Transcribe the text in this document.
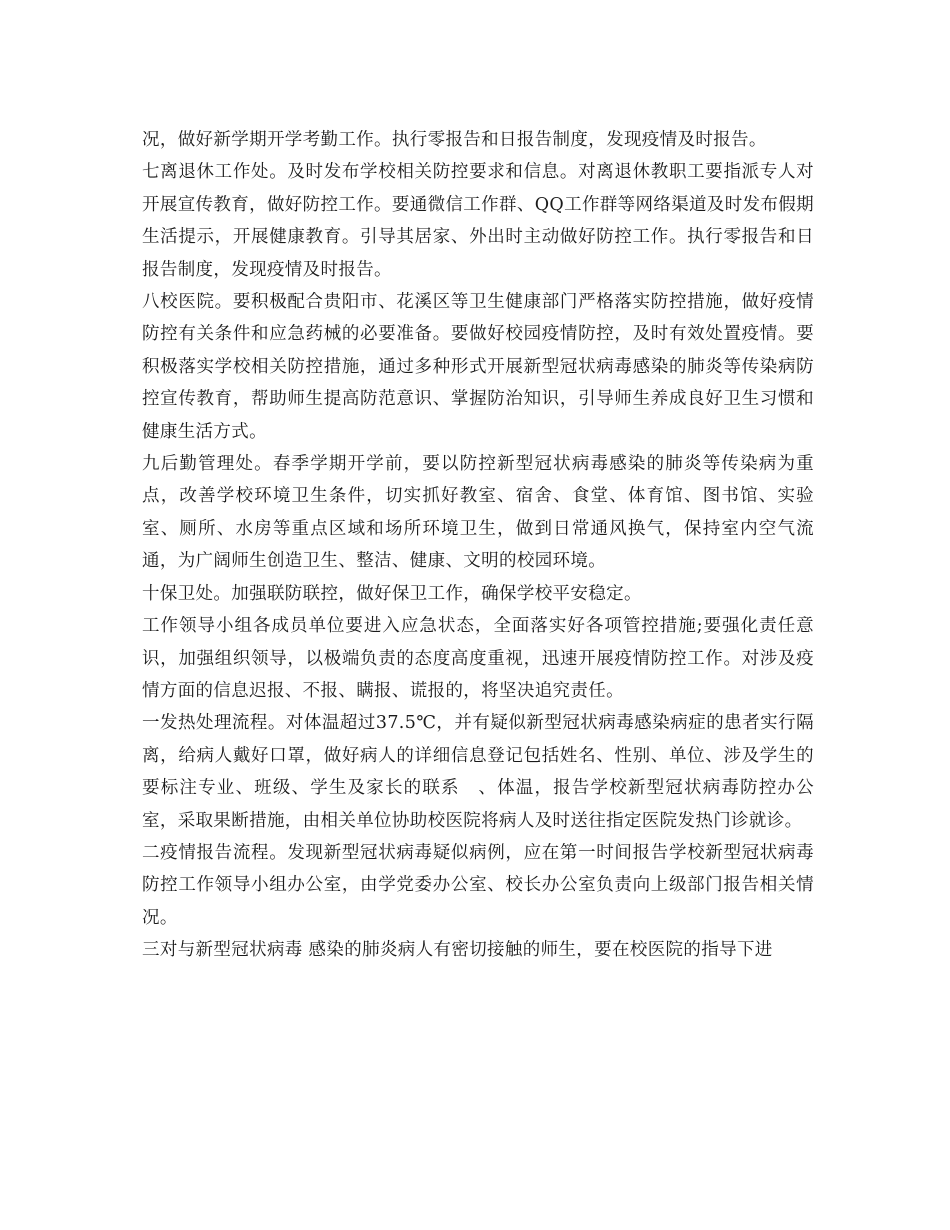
况，做好新学期开学考勤工作。执行零报告和日报告制度，发现疫情及时报告。

七离退休工作处。及时发布学校相关防控要求和信息。对离退休教职工要指派专人对开展宣传教育，做好防控工作。要通微信工作群、QQ工作群等网络渠道及时发布假期生活提示，开展健康教育。引导其居家、外出时主动做好防控工作。执行零报告和日报告制度，发现疫情及时报告。

八校医院。要积极配合贵阳市、花溪区等卫生健康部门严格落实防控措施，做好疫情防控有关条件和应急药械的必要准备。要做好校园疫情防控，及时有效处置疫情。要积极落实学校相关防控措施，通过多种形式开展新型冠状病毒感染的肺炎等传染病防控宣传教育，帮助师生提高防范意识、掌握防治知识，引导师生养成良好卫生习惯和健康生活方式。

九后勤管理处。春季学期开学前，要以防控新型冠状病毒感染的肺炎等传染病为重点，改善学校环境卫生条件，切实抓好教室、宿舍、食堂、体育馆、图书馆、实验室、厕所、水房等重点区域和场所环境卫生，做到日常通风换气，保持室内空气流通，为广阔师生创造卫生、整洁、健康、文明的校园环境。

十保卫处。加强联防联控，做好保卫工作，确保学校平安稳定。

工作领导小组各成员单位要进入应急状态，全面落实好各项管控措施;要强化责任意识，加强组织领导，以极端负责的态度高度重视，迅速开展疫情防控工作。对涉及疫情方面的信息迟报、不报、瞒报、谎报的，将坚决追究责任。

一发热处理流程。对体温超过37.5℃，并有疑似新型冠状病毒感染病症的患者实行隔离，给病人戴好口罩，做好病人的详细信息登记包括姓名、性别、单位、涉及学生的要标注专业、班级、学生及家长的联系　、体温，报告学校新型冠状病毒防控办公室，采取果断措施，由相关单位协助校医院将病人及时送往指定医院发热门诊就诊。

二疫情报告流程。发现新型冠状病毒疑似病例，应在第一时间报告学校新型冠状病毒防控工作领导小组办公室，由学党委办公室、校长办公室负责向上级部门报告相关情况。

三对与新型冠状病毒 感染的肺炎病人有密切接触的师生，要在校医院的指导下进
